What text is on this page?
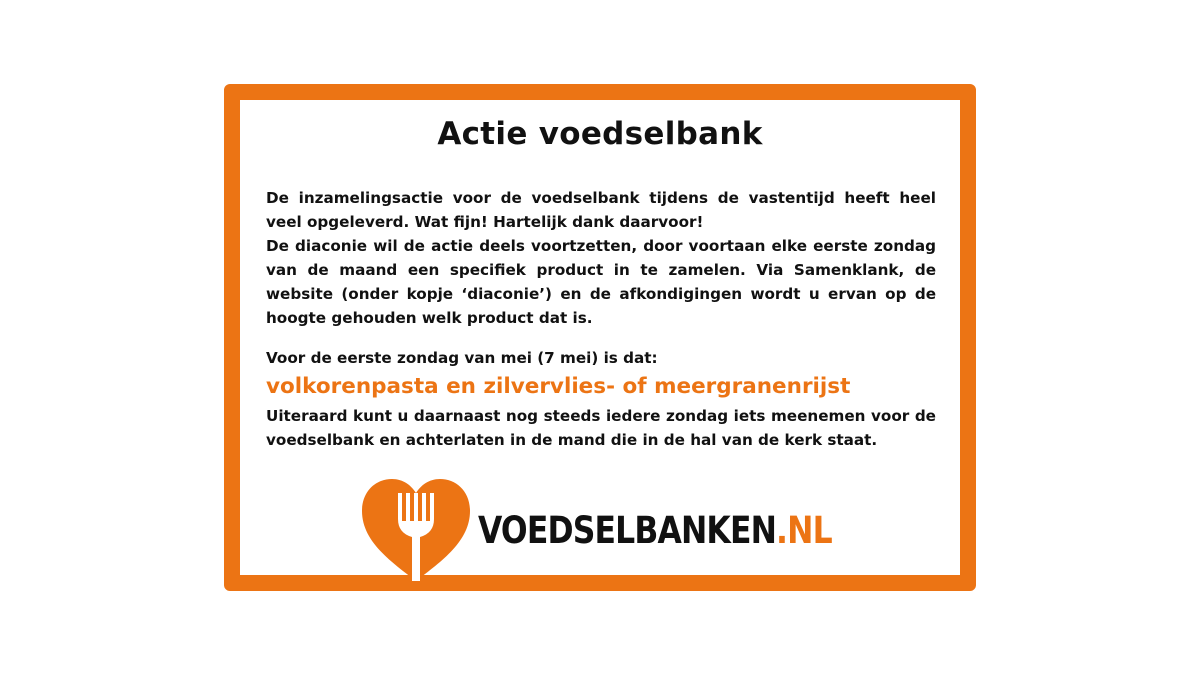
Actie voedselbank

De inzamelingsactie voor de voedselbank tijdens de vastentijd heeft heel veel opgeleverd. Wat fijn! Hartelijk dank daarvoor!

De diaconie wil de actie deels voortzetten, door voortaan elke eerste zondag van de maand een specifiek product in te zamelen. Via Samenklank, de website (onder kopje ‘diaconie’) en de afkondigingen wordt u ervan op de hoogte gehouden welk product dat is.

Voor de eerste zondag van mei (7 mei) is dat:

volkorenpasta en zilvervlies- of meergranenrijst

Uiteraard kunt u daarnaast nog steeds iedere zondag iets meenemen voor de voedselbank en achterlaten in de mand die in de hal van de kerk staat.

VOEDSELBANKEN.NL
